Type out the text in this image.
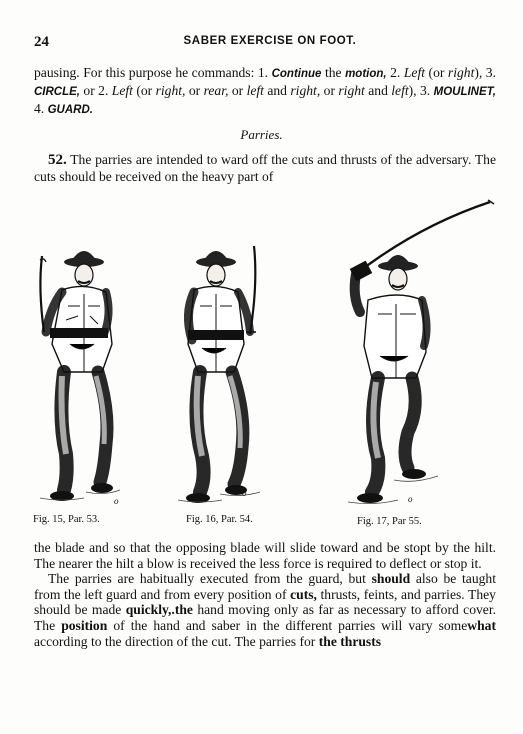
24	SABER EXERCISE ON FOOT.
pausing. For this purpose he commands: 1. Continue the motion, 2. Left (or right), 3. CIRCLE, or 2. Left (or right, or rear, or left and right, or right and left), 3. MOULINET, 4. GUARD.
Parries.
52. The parries are intended to ward off the cuts and thrusts of the adversary. The cuts should be received on the heavy part of
o
Fig. 15, Par. 53.
o
Fig. 16, Par. 54.
o
Fig. 17, Par 55.

the blade and so that the opposing blade will slide toward and be stopt by the hilt. The nearer the hilt a blow is received the less force is required to deflect or stop it.

The parries are habitually executed from the guard, but should also be taught from the left guard and from every position of cuts, thrusts, feints, and parries. They should be made quickly,.the hand moving only as far as necessary to afford cover. The position of the hand and saber in the different parries will vary somewhat according to the direction of the cut. The parries for the thrusts
